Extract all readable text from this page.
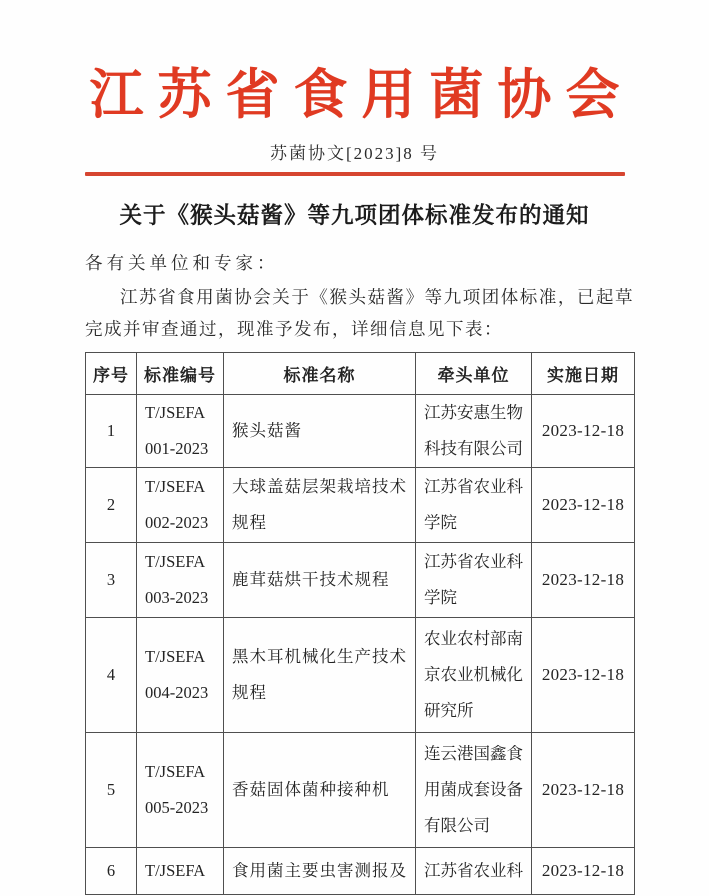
江苏省食用菌协会
苏菌协文[2023]8 号
关于《猴头菇酱》等九项团体标准发布的通知
各有关单位和专家：

江苏省食用菌协会关于《猴头菇酱》等九项团体标准，已起草完成并审查通过，现准予发布，详细信息见下表：

序号	标准编号	标准名称	牵头单位	实施日期
1	T/JSEFA 001-2023	猴头菇酱	江苏安惠生物科技有限公司	2023-12-18
2	T/JSEFA 002-2023	大球盖菇层架栽培技术规程	江苏省农业科学院	2023-12-18
3	T/JSEFA 003-2023	鹿茸菇烘干技术规程	江苏省农业科学院	2023-12-18
4	T/JSEFA 004-2023	黑木耳机械化生产技术规程	农业农村部南京农业机械化研究所	2023-12-18
5	T/JSEFA 005-2023	香菇固体菌种接种机	连云港国鑫食用菌成套设备有限公司	2023-12-18
6	T/JSEFA	食用菌主要虫害测报及	江苏省农业科	2023-12-18
